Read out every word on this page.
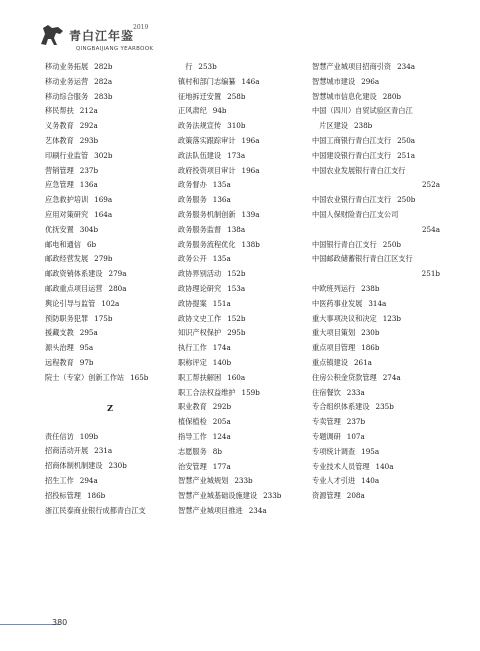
青白江年鉴
2019
QINGBAIJIANG YEARBOOK
移动业务拓展 282b
移动业务运营 282a
移动综合服务 283b
移民帮扶 212a
义务教育 292a
艺体教育 293b
印刷行业监管 302b
营销管理 237b
应急管理 136a
应急救护培训 169a
应用对策研究 164a
优抚安置 304b
邮电和通信 6b
邮政经营发展 279b
邮政资销体系建设 279a
邮政重点项目运营 280a
舆论引导与监管 102a
预防职务犯罪 175b
援藏支教 295a
源头治理 95a
远程教育 97b
院士（专家）创新工作站 165b
Z
责任信访 109b
招商活动开展 231a
招商体制机制建设 230b
招生工作 294a
招投标管理 186b
浙江民泰商业银行成都青白江支
　行 253b
镇村和部门志编纂 146a
征地拆迁安置 258b
正风肃纪 94b
政务法规宣传 310b
政策落实跟踪审计 196a
政法队伍建设 173a
政府投资项目审计 196a
政务督办 135a
政务服务 136a
政务服务机制创新 139a
政务服务监督 138a
政务服务流程优化 138b
政务公开 135a
政协界别活动 152b
政协理论研究 153a
政协提案 151a
政协文史工作 152b
知识产权保护 295b
执行工作 174a
职称评定 140b
职工帮扶解困 160a
职工合法权益维护 159b
职业教育 292b
植保植检 205a
指导工作 124a
志愿服务 8b
治安管理 177a
智慧产业城规划 233b
智慧产业城基础设施建设 233b
智慧产业城项目推进 234a
智慧产业城项目招商引资 234a
智慧城市建设 296a
智慧城市信息化建设 280b
中国（四川）自贸试验区青白江
　片区建设 238b
中国工商银行青白江支行 250a
中国建设银行青白江支行 251a
中国农业发展银行青白江支行
252a
中国农业银行青白江支行 250b
中国人保财险青白江支公司
254a
中国银行青白江支行 250b
中国邮政储蓄银行青白江区支行
251b
中欧班列运行 238b
中医药事业发展 314a
重大事项决议和决定 123b
重大项目策划 230b
重点项目管理 186b
重点镇建设 261a
住房公积金贷款管理 274a
住宿餐饮 233a
专合组织体系建设 235b
专卖管理 237b
专题调研 107a
专项统计调查 195a
专业技术人员管理 140a
专业人才引进 140a
资源管理 208a
380
